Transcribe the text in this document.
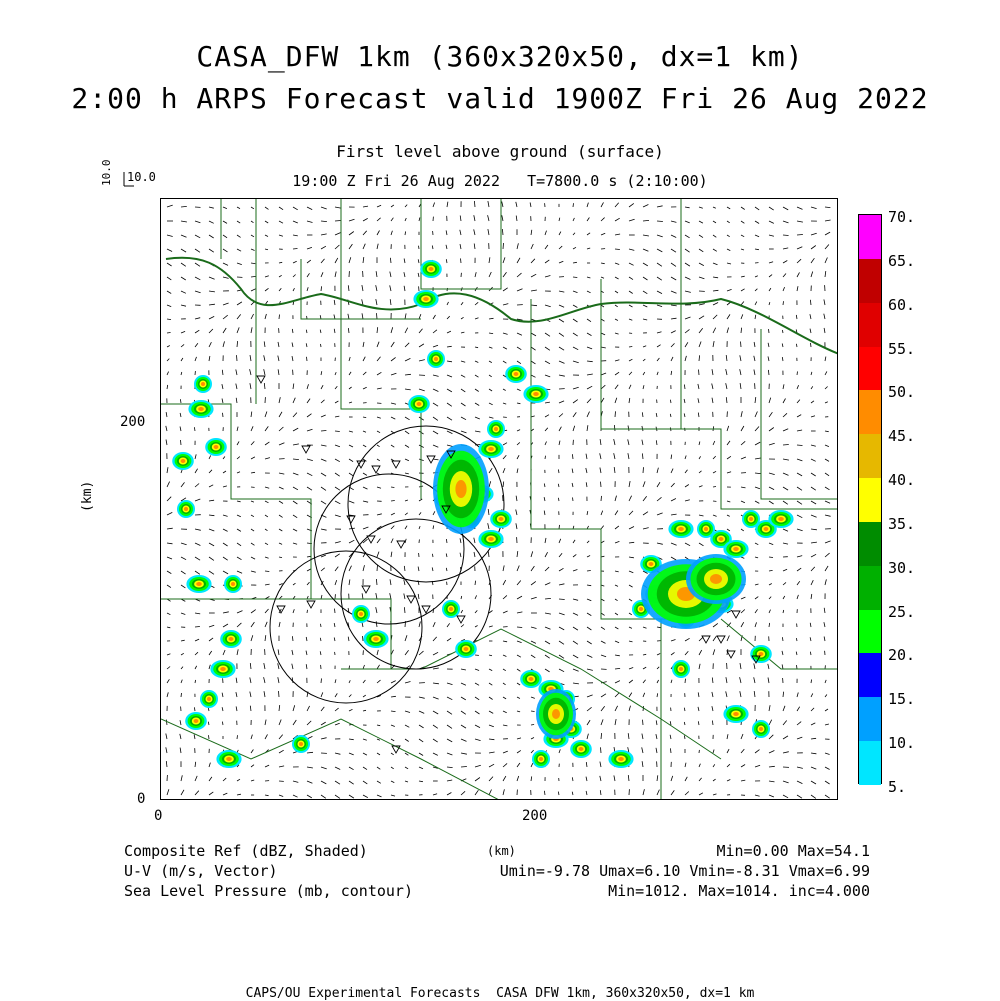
CASA_DFW 1km (360x320x50, dx=1 km)
2:00 h ARPS Forecast valid 1900Z Fri 26 Aug 2022
First level above ground (surface)
19:00 Z Fri 26 Aug 2022   T=7800.0 s (2:10:00)
10.0
10.0
200
0
(km)
0	200
(km)
70.
65.
60.
55.
50.
45.
40.
35.
30.
25.
20.
15.
10.
5.
Composite Ref (dBZ, Shaded)
U-V (m/s, Vector)
Sea Level Pressure (mb, contour)
Min=0.00 Max=54.1
Umin=-9.78 Umax=6.10 Vmin=-8.31 Vmax=6.99
Min=1012. Max=1014. inc=4.000
CAPS/OU Experimental Forecasts  CASA DFW 1km, 360x320x50, dx=1 km
